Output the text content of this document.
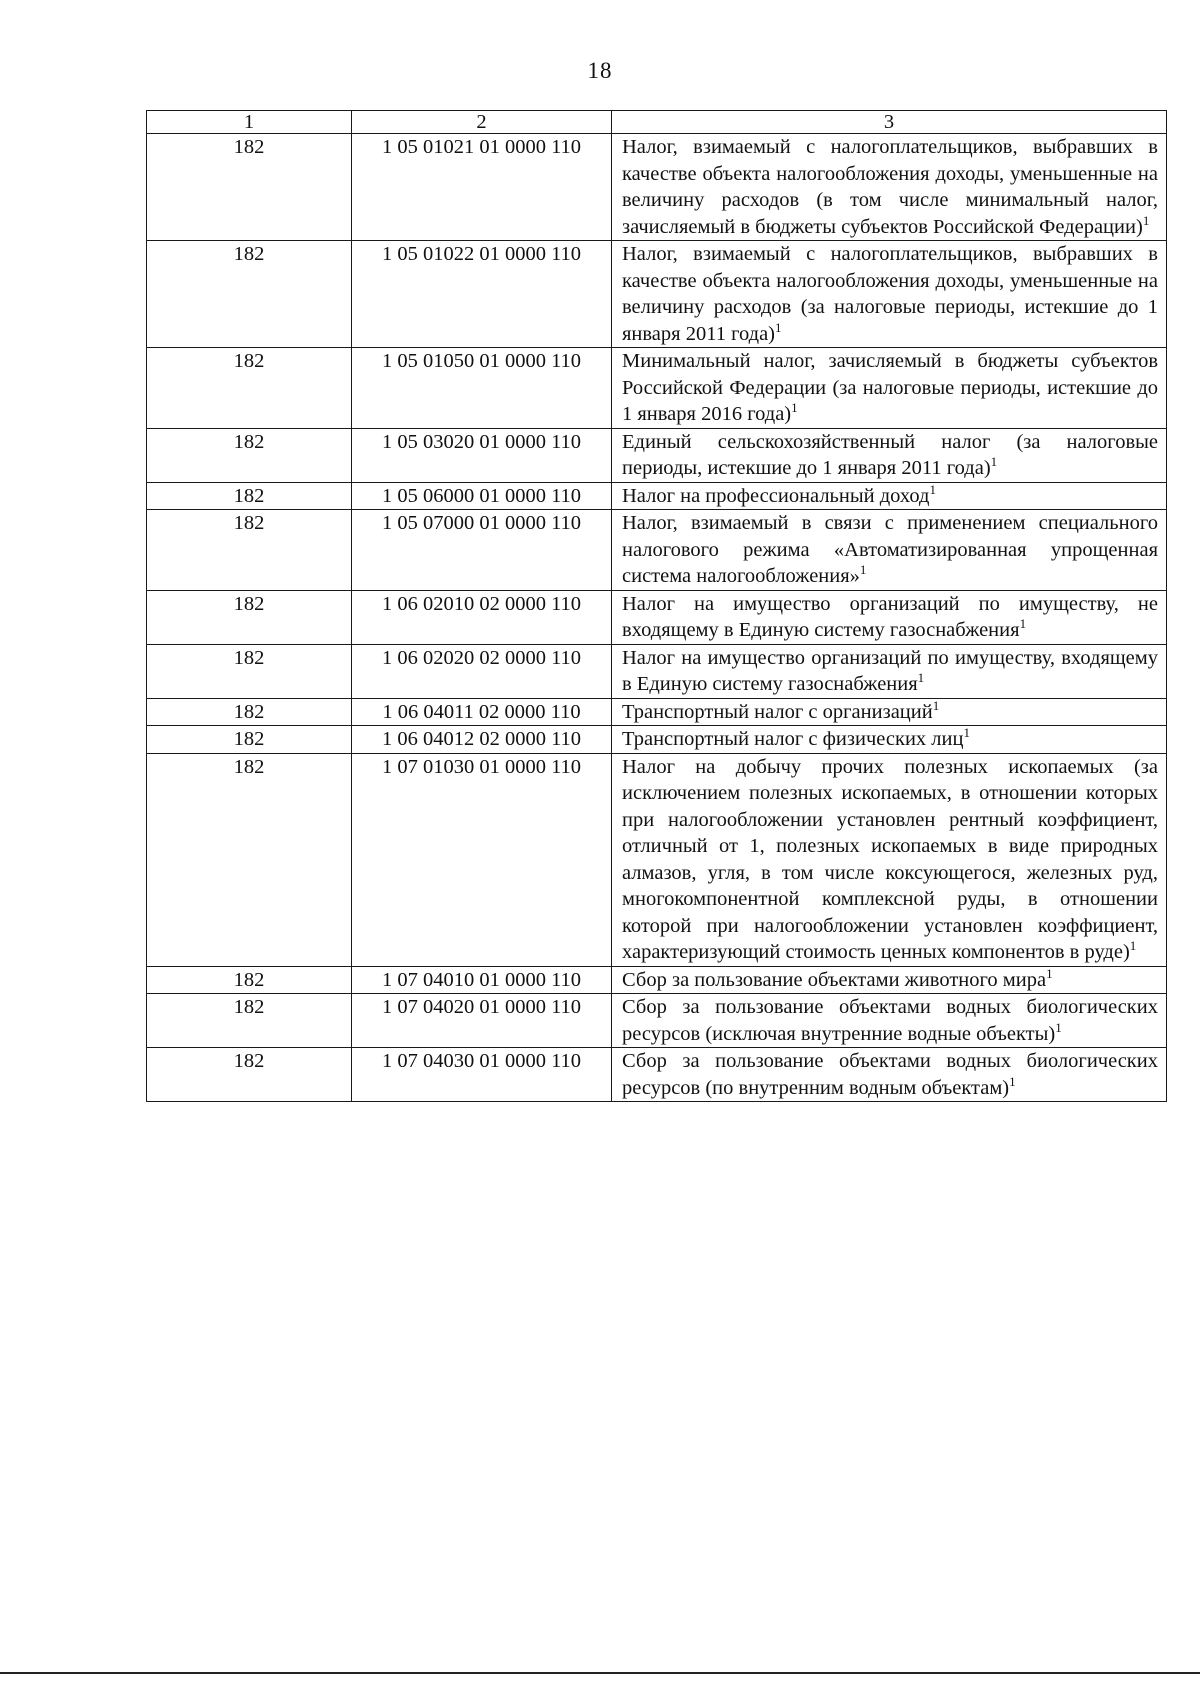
18
1	2	3
182	1 05 01021 01 0000 110	Налог, взимаемый с налогоплательщиков, выбравших в качестве объекта налогообложения доходы, уменьшенные на величину расходов (в том числе минимальный налог, зачисляемый в бюджеты субъектов Российской Федерации)$^1$
182	1 05 01022 01 0000 110	Налог, взимаемый с налогоплательщиков, выбравших в качестве объекта налогообложения доходы, уменьшенные на величину расходов (за налоговые периоды, истекшие до 1 января 2011 года)$^1$
182	1 05 01050 01 0000 110	Минимальный налог, зачисляемый в бюджеты субъектов Российской Федерации (за налоговые периоды, истекшие до 1 января 2016 года)$^1$
182	1 05 03020 01 0000 110	Единый сельскохозяйственный налог (за налоговые периоды, истекшие до 1 января 2011 года)$^1$
182	1 05 06000 01 0000 110	Налог на профессиональный доход$^1$
182	1 05 07000 01 0000 110	Налог, взимаемый в связи с применением специального налогового режима «Автоматизированная упрощенная система налогообложения»$^1$
182	1 06 02010 02 0000 110	Налог на имущество организаций по имуществу, не входящему в Единую систему газоснабжения$^1$
182	1 06 02020 02 0000 110	Налог на имущество организаций по имуществу, входящему в Единую систему газоснабжения$^1$
182	1 06 04011 02 0000 110	Транспортный налог с организаций$^1$
182	1 06 04012 02 0000 110	Транспортный налог с физических лиц$^1$
182	1 07 01030 01 0000 110	Налог на добычу прочих полезных ископаемых (за исключением полезных ископаемых, в отношении которых при налогообложении установлен рентный коэффициент, отличный от 1, полезных ископаемых в виде природных алмазов, угля, в том числе коксующегося, железных руд, многокомпонентной комплексной руды, в отношении которой при налогообложении установлен коэффициент, характеризующий стоимость ценных компонентов в руде)$^1$
182	1 07 04010 01 0000 110	Сбор за пользование объектами животного мира$^1$
182	1 07 04020 01 0000 110	Сбор за пользование объектами водных биологических ресурсов (исключая внутренние водные объекты)$^1$
182	1 07 04030 01 0000 110	Сбор за пользование объектами водных биологических ресурсов (по внутренним водным объектам)$^1$
